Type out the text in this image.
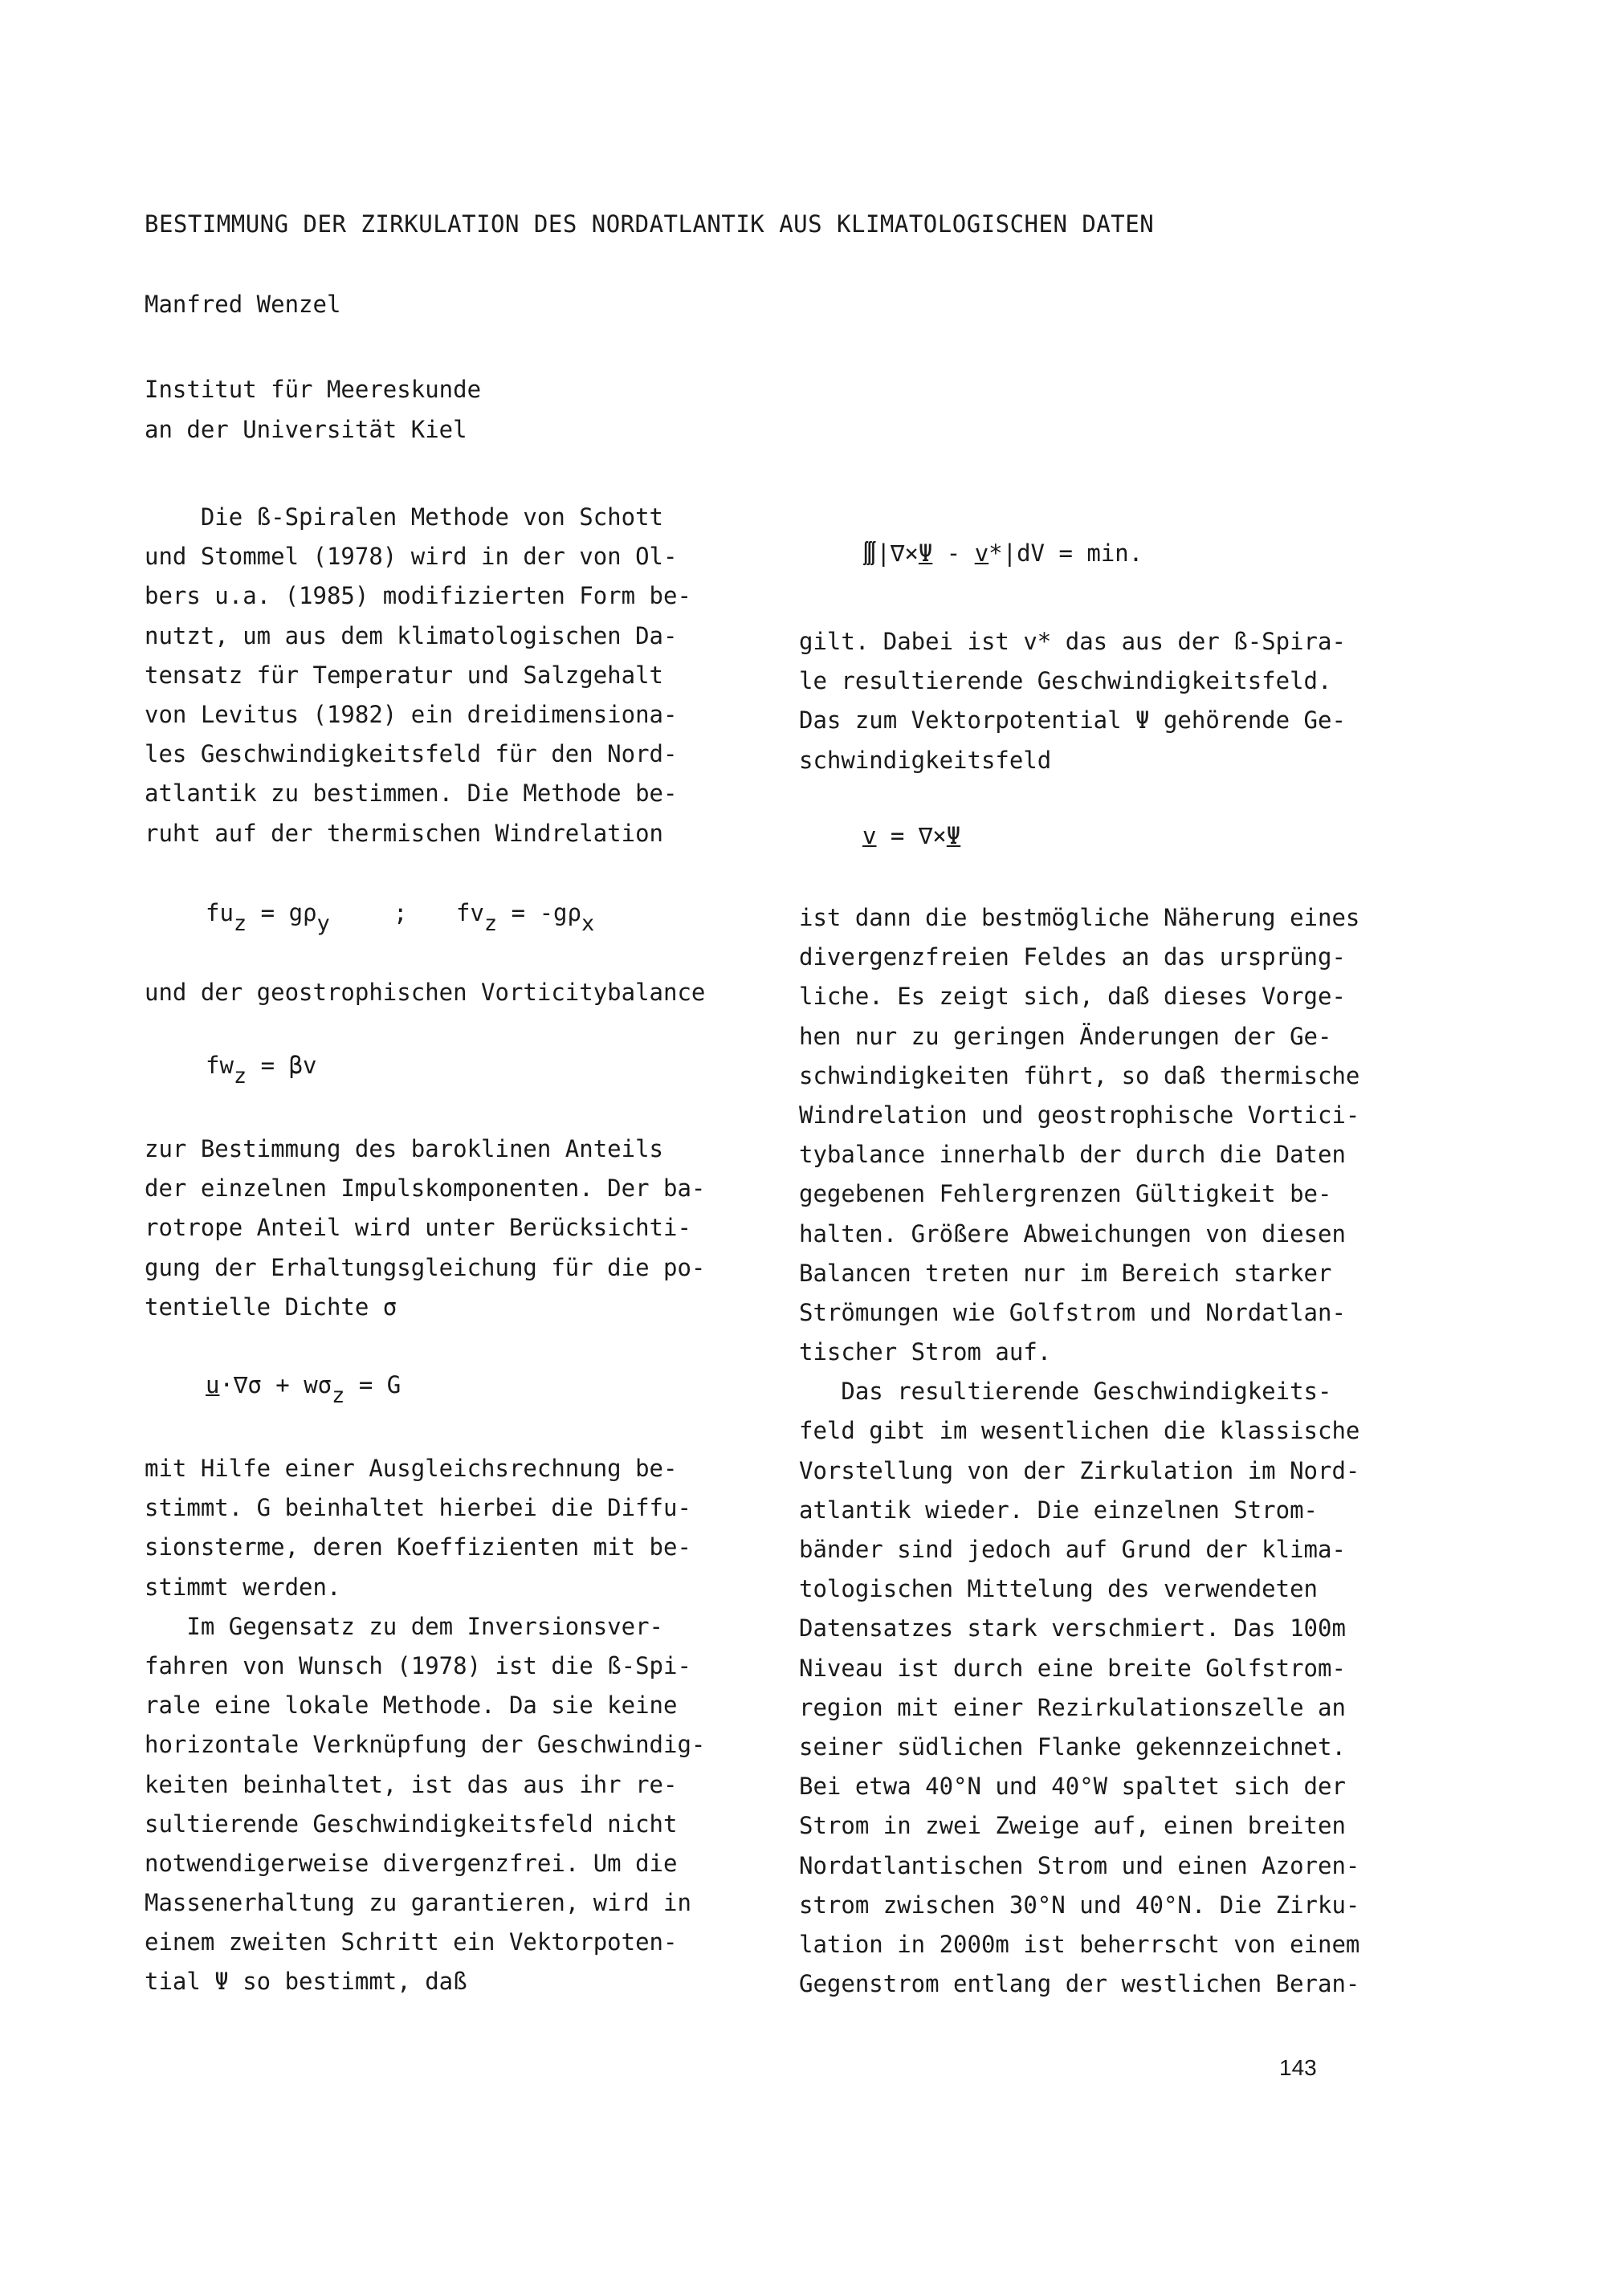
BESTIMMUNG DER ZIRKULATION DES NORDATLANTIK AUS KLIMATOLOGISCHEN DATEN
Manfred Wenzel
Institut für Meereskunde
an der Universität Kiel
Die ß-Spiralen Methode von Schott
und Stommel (1978) wird in der von Ol-
bers u.a. (1985) modifizierten Form be-
nutzt, um aus dem klimatologischen Da-
tensatz für Temperatur und Salzgehalt
von Levitus (1982) ein dreidimensiona-
les Geschwindigkeitsfeld für den Nord-
atlantik zu bestimmen. Die Methode be-
ruht auf der thermischen Windrelation
$fu_z = g\rho_y$	; $fv_z = -g\rho_x$
und der geostrophischen Vorticitybalance
$fw_z = \beta v$
zur Bestimmung des baroklinen Anteils
der einzelnen Impulskomponenten. Der ba-
rotrope Anteil wird unter Berücksichti-
gung der Erhaltungsgleichung für die po-
tentielle Dichte σ
$u\cdot\nabla\sigma + w\sigma_z = G$
mit Hilfe einer Ausgleichsrechnung be-
stimmt. G beinhaltet hierbei die Diffu-
sionsterme, deren Koeffizienten mit be-
stimmt werden.
Im Gegensatz zu dem Inversionsver-
fahren von Wunsch (1978) ist die ß-Spi-
rale eine lokale Methode. Da sie keine
horizontale Verknüpfung der Geschwindig-
keiten beinhaltet, ist das aus ihr re-
sultierende Geschwindigkeitsfeld nicht
notwendigerweise divergenzfrei. Um die
Massenerhaltung zu garantieren, wird in
einem zweiten Schritt ein Vektorpoten-
tial Ψ so bestimmt, daß
∭|∇×Ψ - v*|dV = min.
gilt. Dabei ist v* das aus der ß-Spira-
le resultierende Geschwindigkeitsfeld.
Das zum Vektorpotential Ψ gehörende Ge-
schwindigkeitsfeld
v = ∇×Ψ
ist dann die bestmögliche Näherung eines
divergenzfreien Feldes an das ursprüng-
liche. Es zeigt sich, daß dieses Vorge-
hen nur zu geringen Änderungen der Ge-
schwindigkeiten führt, so daß thermische
Windrelation und geostrophische Vortici-
tybalance innerhalb der durch die Daten
gegebenen Fehlergrenzen Gültigkeit be-
halten. Größere Abweichungen von diesen
Balancen treten nur im Bereich starker
Strömungen wie Golfstrom und Nordatlan-
tischer Strom auf.
Das resultierende Geschwindigkeits-
feld gibt im wesentlichen die klassische
Vorstellung von der Zirkulation im Nord-
atlantik wieder. Die einzelnen Strom-
bänder sind jedoch auf Grund der klima-
tologischen Mittelung des verwendeten
Datensatzes stark verschmiert. Das 100m
Niveau ist durch eine breite Golfstrom-
region mit einer Rezirkulationszelle an
seiner südlichen Flanke gekennzeichnet.
Bei etwa 40°N und 40°W spaltet sich der
Strom in zwei Zweige auf, einen breiten
Nordatlantischen Strom und einen Azoren-
strom zwischen 30°N und 40°N. Die Zirku-
lation in 2000m ist beherrscht von einem
Gegenstrom entlang der westlichen Beran-
143
